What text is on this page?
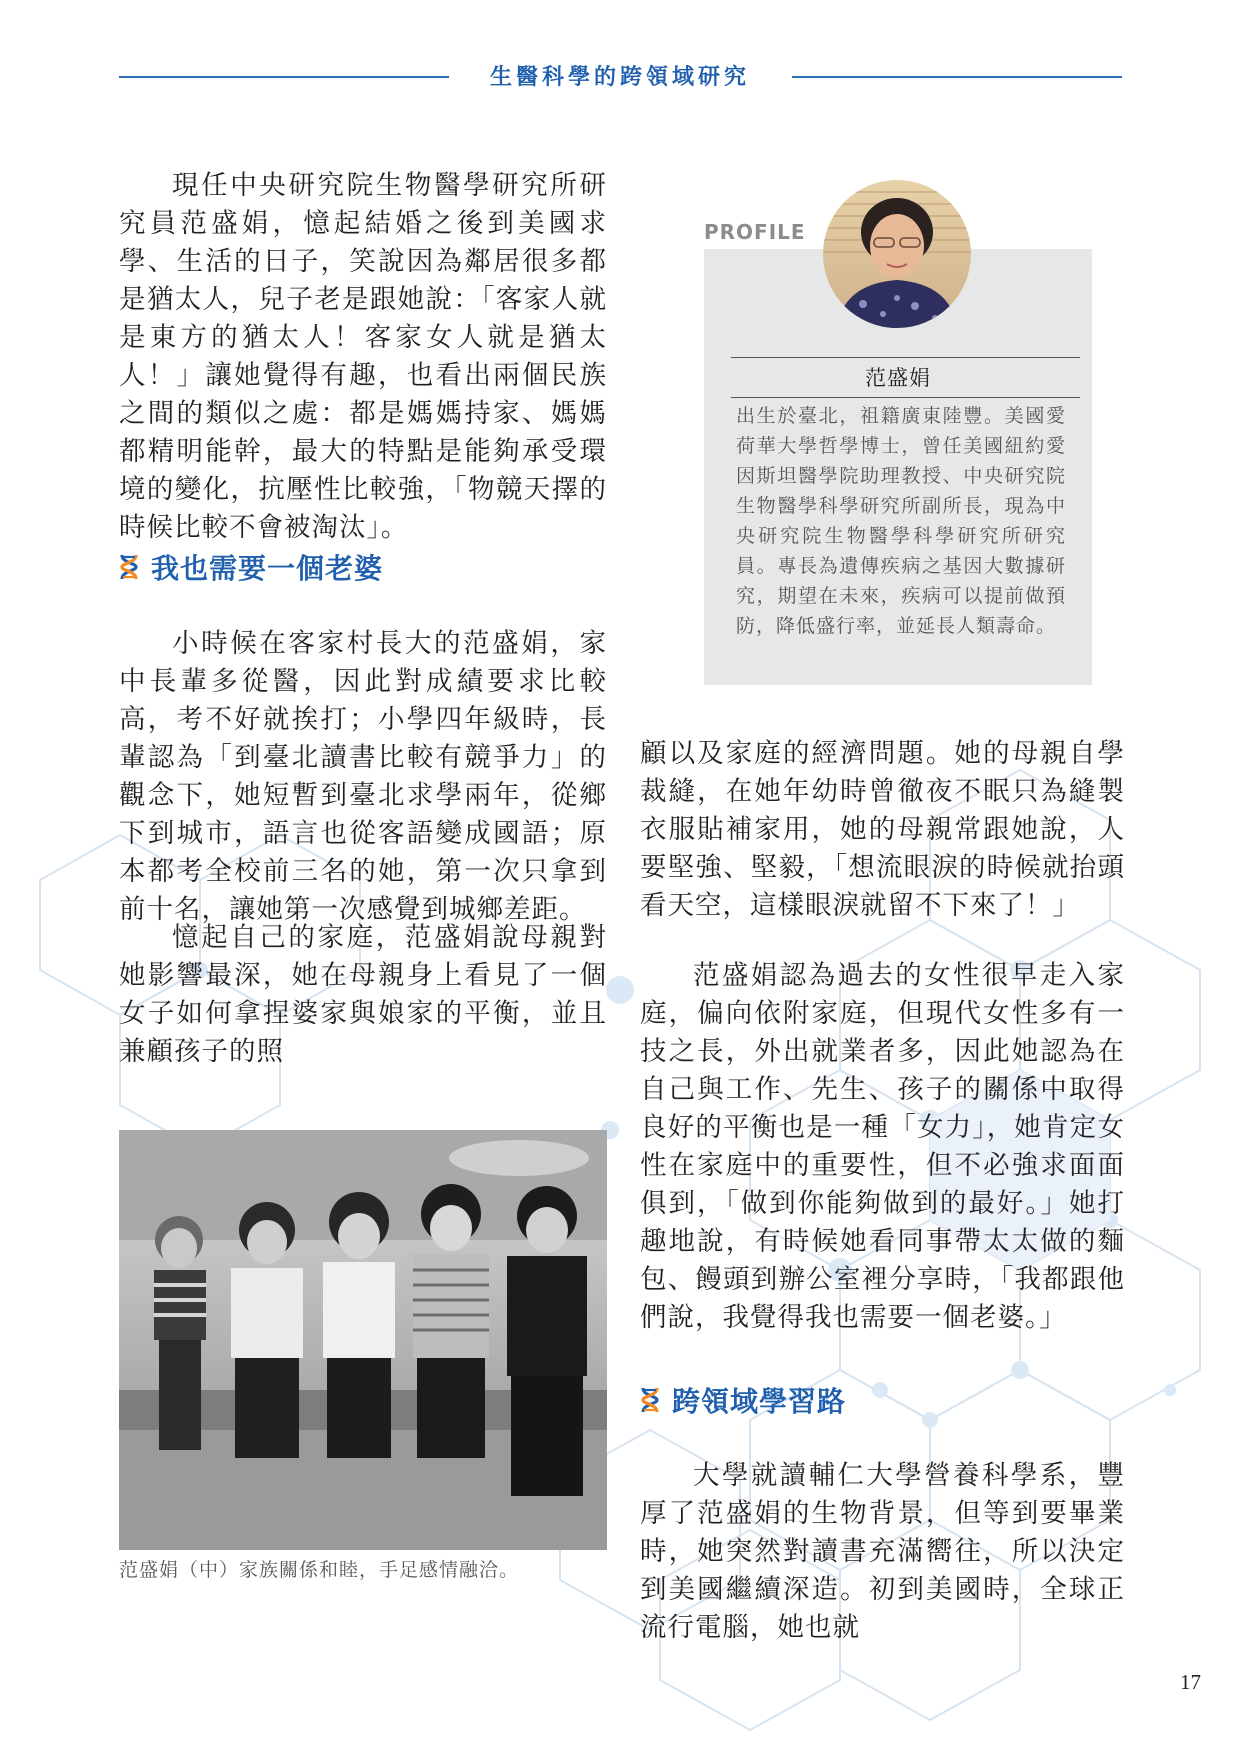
生醫科學的跨領域研究

現任中央研究院生物醫學研究所研究員范盛娟，憶起結婚之後到美國求學、生活的日子，笑說因為鄰居很多都是猶太人，兒子老是跟她說：「客家人就是東方的猶太人！客家女人就是猶太人！」讓她覺得有趣，也看出兩個民族之間的類似之處：都是媽媽持家、媽媽都精明能幹，最大的特點是能夠承受環境的變化，抗壓性比較強，「物競天擇的時候比較不會被淘汰」。

我也需要一個老婆

小時候在客家村長大的范盛娟，家中長輩多從醫，因此對成績要求比較高，考不好就挨打；小學四年級時，長輩認為「到臺北讀書比較有競爭力」的觀念下，她短暫到臺北求學兩年，從鄉下到城市，語言也從客語變成國語；原本都考全校前三名的她，第一次只拿到前十名，讓她第一次感覺到城鄉差距。

憶起自己的家庭，范盛娟說母親對她影響最深，她在母親身上看見了一個女子如何拿捏婆家與娘家的平衡，並且兼顧孩子的照

PROFILE
范盛娟

出生於臺北，祖籍廣東陸豐。美國愛荷華大學哲學博士，曾任美國紐約愛因斯坦醫學院助理教授、中央研究院生物醫學科學研究所副所長，現為中央研究院生物醫學科學研究所研究員。專長為遺傳疾病之基因大數據研究，期望在未來，疾病可以提前做預防，降低盛行率，並延長人類壽命。

顧以及家庭的經濟問題。她的母親自學裁縫，在她年幼時曾徹夜不眠只為縫製衣服貼補家用，她的母親常跟她說，人要堅強、堅毅，「想流眼淚的時候就抬頭看天空，這樣眼淚就留不下來了！」

范盛娟認為過去的女性很早走入家庭，偏向依附家庭，但現代女性多有一技之長，外出就業者多，因此她認為在自己與工作、先生、孩子的關係中取得良好的平衡也是一種「女力」，她肯定女性在家庭中的重要性，但不必強求面面俱到，「做到你能夠做到的最好。」她打趣地說，有時候她看同事帶太太做的麵包、饅頭到辦公室裡分享時，「我都跟他們說，我覺得我也需要一個老婆。」

跨領域學習路

大學就讀輔仁大學營養科學系，豐厚了范盛娟的生物背景，但等到要畢業時，她突然對讀書充滿嚮往，所以決定到美國繼續深造。初到美國時，全球正流行電腦，她也就

范盛娟（中）家族關係和睦，手足感情融洽。
17
